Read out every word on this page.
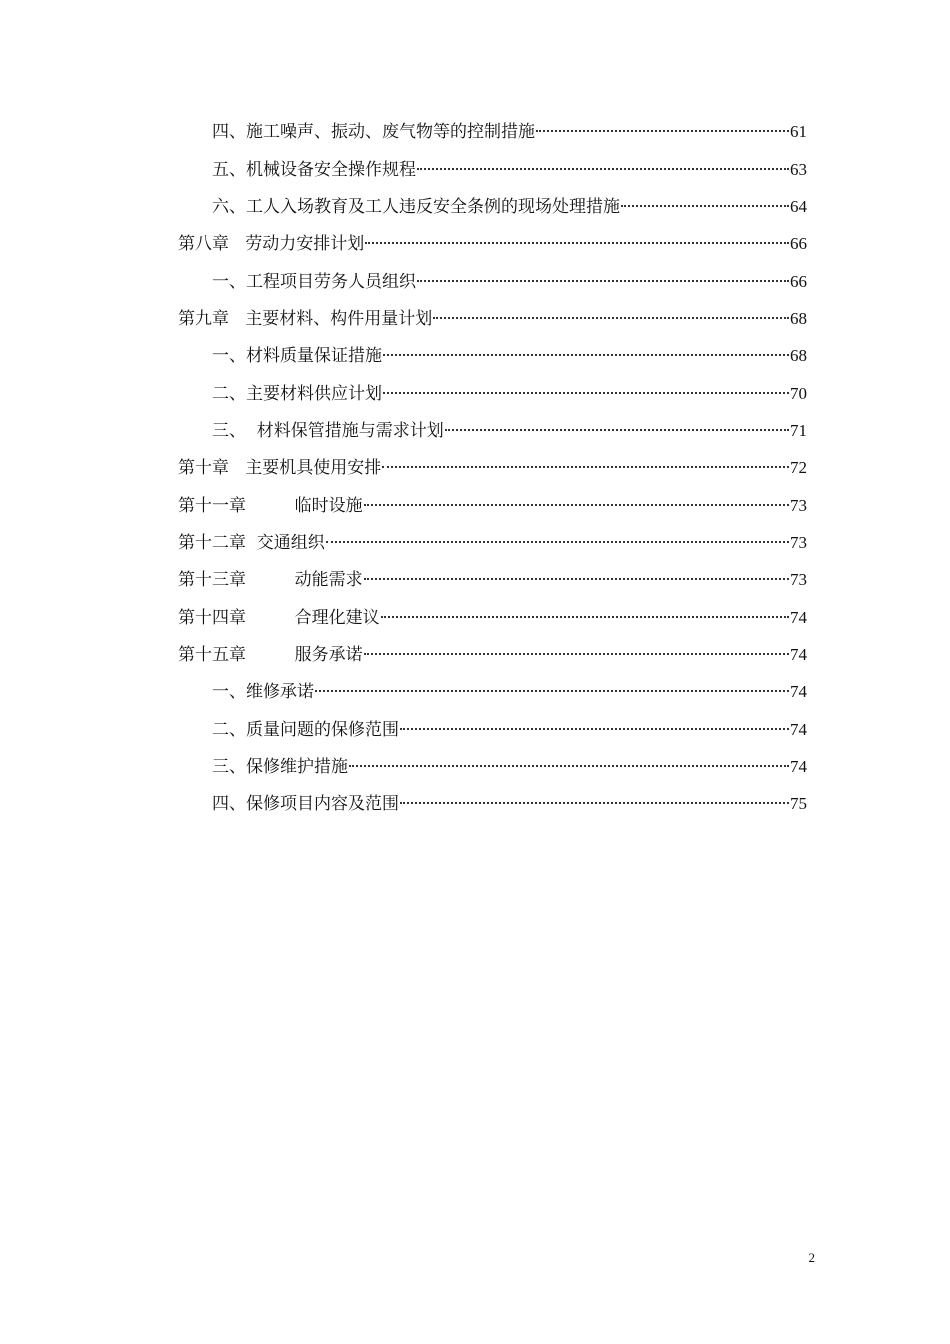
四、施工噪声、振动、废气物等的控制措施	61
五、机械设备安全操作规程	63
六、工人入场教育及工人违反安全条例的现场处理措施	64
第八章   劳动力安排计划	66
一、工程项目劳务人员组织	66
第九章   主要材料、构件用量计划	68
一、材料质量保证措施	68
二、主要材料供应计划	70
三、  材料保管措施与需求计划	71
第十章   主要机具使用安排	72
第十一章         临时设施	73
第十二章  交通组织	73
第十三章         动能需求	73
第十四章         合理化建议	74
第十五章         服务承诺	74
一、维修承诺	74
二、质量问题的保修范围	74
三、保修维护措施	74
四、保修项目内容及范围	75
2
